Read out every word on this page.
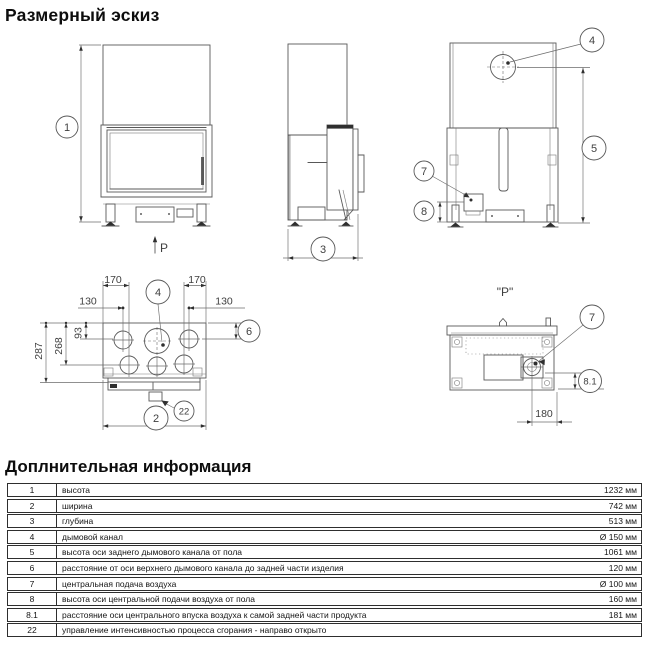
Размерный эскиз
1
P	3
4
5
7
8
170	170
130	130
93
268
287
4
6
2
22
"P"
7
8.1
180
Доплнительная информация
1	высота	1232 мм
2	ширина	742 мм
3	глубина	513 мм
4	дымовой канал	Ø 150 мм
5	высота оси заднего дымового канала от пола	1061 мм
6	расстояние от оси верхнего дымового канала до задней части изделия	120 мм
7	центральная подача воздуха	Ø 100 мм
8	высота оси центральной подачи воздуха от пола	160 мм
8.1	расстояние оси центрального впуска воздуха к самой задней части продукта	181 мм
22	управление интенсивностью процесса сгорания - направо открыто
